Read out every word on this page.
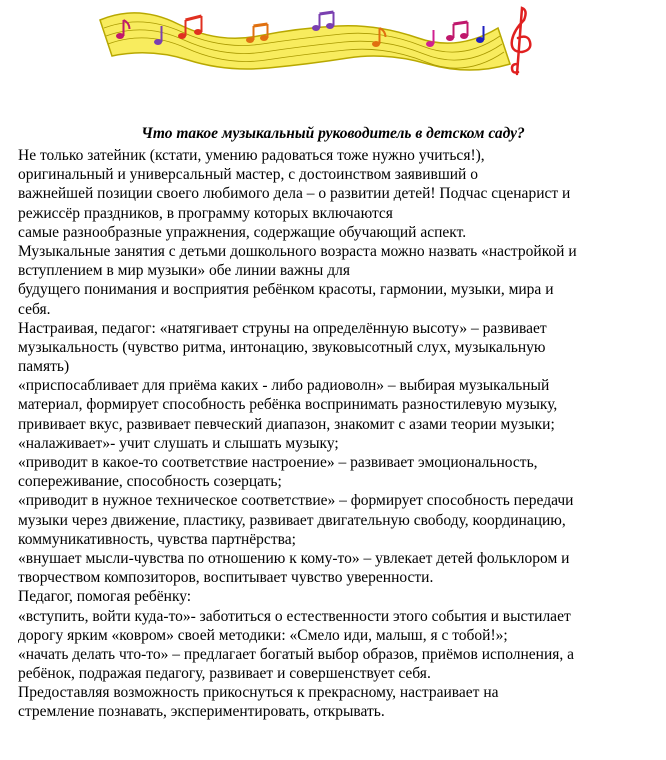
Что такое музыкальный руководитель в детском саду?
Не только затейник (кстати, умению радоваться тоже нужно учиться!),
оригинальный и универсальный мастер, с достоинством заявивший о
важнейшей позиции своего любимого дела – о развитии детей! Подчас сценарист и
режиссёр праздников, в программу которых включаются
самые разнообразные упражнения, содержащие обучающий аспект.
Музыкальные занятия с детьми дошкольного возраста можно назвать «настройкой и
вступлением в мир музыки» обе линии важны для
будущего понимания и восприятия ребёнком красоты, гармонии, музыки, мира и
себя.
Настраивая, педагог: «натягивает струны на определённую высоту» – развивает
музыкальность (чувство ритма, интонацию, звуковысотный слух, музыкальную
память)
«приспосабливает для приёма каких - либо радиоволн» – выбирая музыкальный
материал, формирует способность ребёнка воспринимать разностилевую музыку,
прививает вкус, развивает певческий диапазон, знакомит с азами теории музыки;
«налаживает»- учит слушать и слышать музыку;
«приводит в какое-то соответствие настроение» – развивает эмоциональность,
сопереживание, способность созерцать;
«приводит в нужное техническое соответствие» – формирует способность передачи
музыки через движение, пластику, развивает двигательную свободу, координацию,
коммуникативность, чувства партнёрства;
«внушает мысли-чувства по отношению к кому-то» – увлекает детей фольклором и
творчеством композиторов, воспитывает чувство уверенности.
Педагог, помогая ребёнку:
«вступить, войти куда-то»- заботиться о естественности этого события и выстилает
дорогу ярким «ковром» своей методики: «Смело иди, малыш, я с тобой!»;
«начать делать что-то» – предлагает богатый выбор образов, приёмов исполнения, а
ребёнок, подражая педагогу, развивает и совершенствует себя.
Предоставляя возможность прикоснуться к прекрасному, настраивает на
стремление познавать, экспериментировать, открывать.
